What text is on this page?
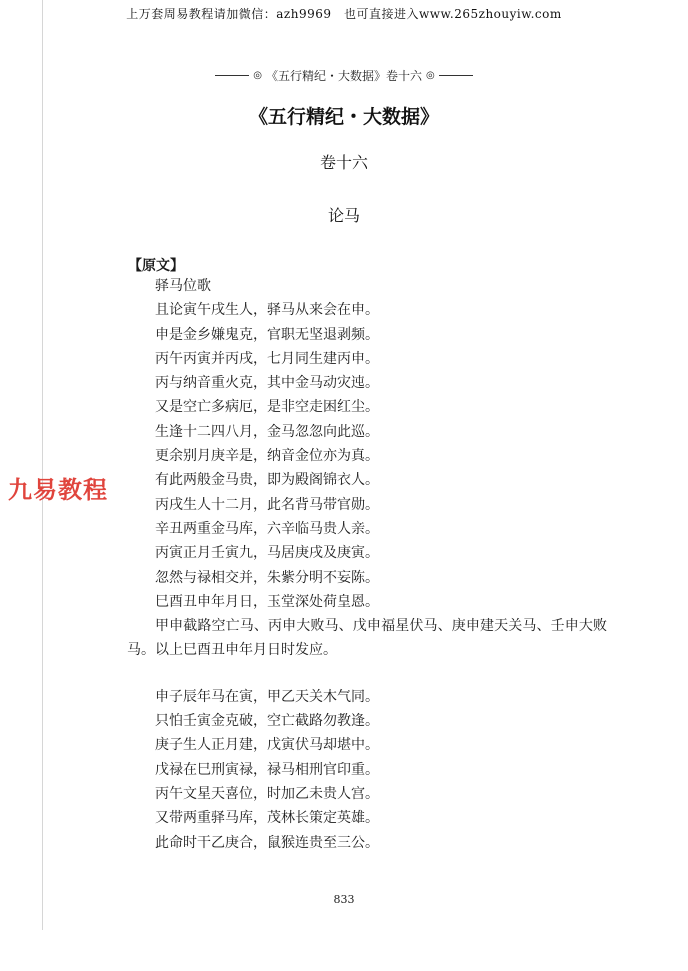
上万套周易教程请加微信：azh9969　也可直接进入www.265zhouyiw.com
◎ 《五行精纪・大数据》卷十六 ◎
《五行精纪・大数据》
卷十六
论马
【原文】
驿马位歌
且论寅午戌生人，驿马从来会在申。
申是金乡嫌鬼克，官职无坚退剥频。
丙午丙寅并丙戌，七月同生建丙申。
丙与纳音重火克，其中金马动灾迍。
又是空亡多病厄，是非空走困红尘。
生逢十二四八月，金马忽忽向此巡。
更余别月庚辛是，纳音金位亦为真。
有此两般金马贵，即为殿阁锦衣人。
丙戌生人十二月，此名背马带官勋。
辛丑两重金马库，六辛临马贵人亲。
丙寅正月壬寅九，马居庚戌及庚寅。
忽然与禄相交并，朱紫分明不妄陈。
巳酉丑申年月日，玉堂深处荷皇恩。
甲申截路空亡马、丙申大败马、戊申福星伏马、庚申建天关马、壬申大败马。以上巳酉丑申年月日时发应。
申子辰年马在寅，甲乙天关木气同。
只怕壬寅金克破，空亡截路勿教逢。
庚子生人正月建，戊寅伏马却堪中。
戊禄在巳刑寅禄，禄马相刑官印重。
丙午文星天喜位，时加乙未贵人宫。
又带两重驿马库，茂林长策定英雄。
此命时干乙庚合，鼠猴连贵至三公。
九易教程
833
